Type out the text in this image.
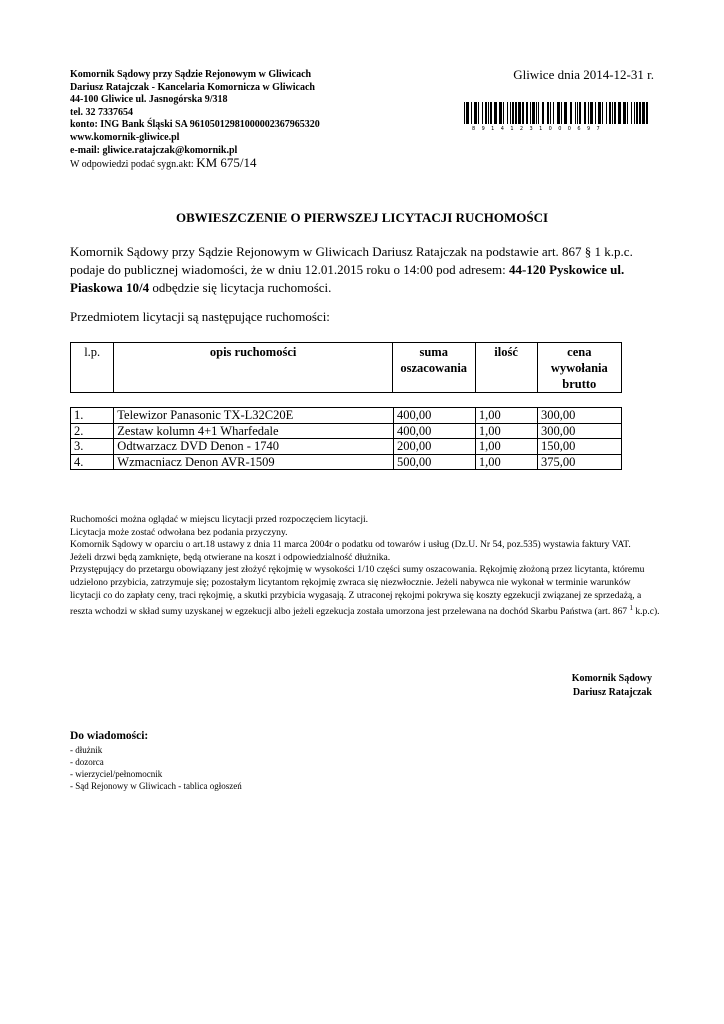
Komornik Sądowy przy Sądzie Rejonowym w Gliwicach
Dariusz Ratajczak - Kancelaria Komornicza w Gliwicach
44-100 Gliwice ul. Jasnogórska 9/318
tel. 32 7337654
konto: ING Bank Śląski SA 96105012981000002367965320
www.komornik-gliwice.pl
e-mail: gliwice.ratajczak@komornik.pl
W odpowiedzi podać sygn.akt: KM 675/14
Gliwice dnia 2014-12-31 r.
89141231000697
OBWIESZCZENIE O PIERWSZEJ LICYTACJI RUCHOMOŚCI
Komornik Sądowy przy Sądzie Rejonowym w Gliwicach Dariusz Ratajczak na podstawie art. 867 § 1 k.p.c. podaje do publicznej wiadomości, że w dniu 12.01.2015 roku o 14:00 pod adresem: 44-120 Pyskowice ul. Piaskowa 10/4 odbędzie się licytacja ruchomości.
Przedmiotem licytacji są następujące ruchomości:
l.p.	opis ruchomości	suma oszacowania	ilość	cena wywołania brutto
1.	Telewizor Panasonic TX-L32C20E	400,00	1,00	300,00
2.	Zestaw kolumn 4+1 Wharfedale	400,00	1,00	300,00
3.	Odtwarzacz DVD Denon - 1740	200,00	1,00	150,00
4.	Wzmacniacz Denon AVR-1509	500,00	1,00	375,00

Ruchomości można oglądać w miejscu licytacji przed rozpoczęciem licytacji.

Licytacja może zostać odwołana bez podania przyczyny.

Komornik Sądowy w oparciu o art.18 ustawy z dnia 11 marca 2004r o podatku od towarów i usług (Dz.U. Nr 54, poz.535) wystawia faktury VAT.

Jeżeli drzwi będą zamknięte, będą otwierane na koszt i odpowiedzialność dłużnika.

Przystępujący do przetargu obowiązany jest złożyć rękojmię w wysokości 1/10 części sumy oszacowania. Rękojmię złożoną przez licytanta, któremu udzielono przybicia, zatrzymuje się; pozostałym licytantom rękojmię zwraca się niezwłocznie. Jeżeli nabywca nie wykonał w terminie warunków licytacji co do zapłaty ceny, traci rękojmię, a skutki przybicia wygasają. Z utraconej rękojmi pokrywa się koszty egzekucji związanej ze sprzedażą, a reszta wchodzi w skład sumy uzyskanej w egzekucji albo jeżeli egzekucja została umorzona jest przelewana na dochód Skarbu Państwa (art. 867 $^1$ k.p.c).

Komornik Sądowy
Dariusz Ratajczak
Do wiadomości:
- dłużnik
- dozorca
- wierzyciel/pełnomocnik
- Sąd Rejonowy w Gliwicach - tablica ogłoszeń
